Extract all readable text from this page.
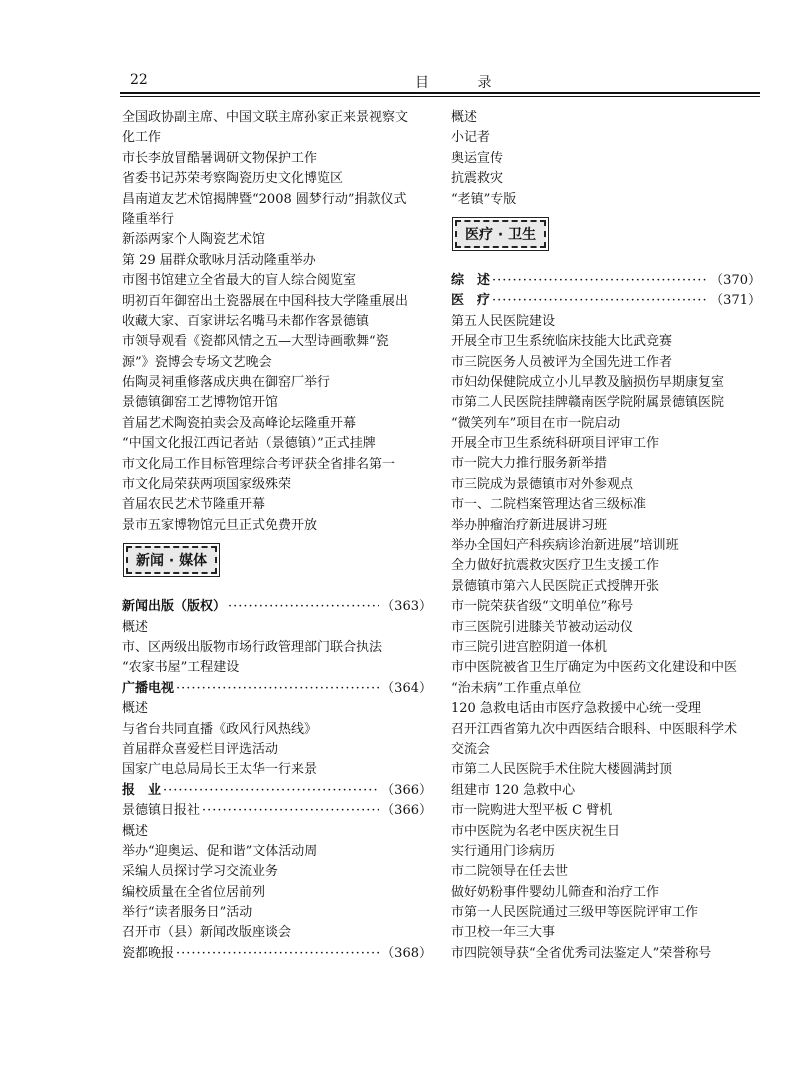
22	目 录
全国政协副主席、中国文联主席孙家正来景视察文
化工作
市长李放冒酷暑调研文物保护工作
省委书记苏荣考察陶瓷历史文化博览区
昌南道友艺术馆揭牌暨“2008 圆梦行动”捐款仪式
隆重举行
新添两家个人陶瓷艺术馆
第 29 届群众歌咏月活动隆重举办
市图书馆建立全省最大的盲人综合阅览室
明初百年御窑出土瓷器展在中国科技大学隆重展出
收藏大家、百家讲坛名嘴马未都作客景德镇
市领导观看《瓷都风情之五—大型诗画歌舞“瓷
源”》瓷博会专场文艺晚会
佑陶灵祠重修落成庆典在御窑厂举行
景德镇御窑工艺博物馆开馆
首届艺术陶瓷拍卖会及高峰论坛隆重开幕
“中国文化报江西记者站（景德镇）”正式挂牌
市文化局工作目标管理综合考评获全省排名第一
市文化局荣获两项国家级殊荣
首届农民艺术节隆重开幕
景市五家博物馆元旦正式免费开放
新闻 · 媒体
新闻出版（版权） ·····	（363）
概述
市、区两级出版物市场行政管理部门联合执法
“农家书屋”工程建设
广播电视 ·····	（364）
概述
与省台共同直播《政风行风热线》
首届群众喜爱栏目评选活动
国家广电总局局长王太华一行来景
报　业 ·····	（366）
景德镇日报社 ·····	（366）
概述
举办“迎奥运、促和谐”文体活动周
采编人员探讨学习交流业务
编校质量在全省位居前列
举行“读者服务日”活动
召开市（县）新闻改版座谈会
瓷都晚报 ·····	（368）
概述
小记者
奥运宣传
抗震救灾
“老镇”专版
医疗 · 卫生
综　述 ·····	（370）
医　疗 ·····	（371）
第五人民医院建设
开展全市卫生系统临床技能大比武竞赛
市三院医务人员被评为全国先进工作者
市妇幼保健院成立小儿早教及脑损伤早期康复室
市第二人民医院挂牌赣南医学院附属景德镇医院
“微笑列车”项目在市一院启动
开展全市卫生系统科研项目评审工作
市一院大力推行服务新举措
市三院成为景德镇市对外参观点
市一、二院档案管理达省三级标准
举办肿瘤治疗新进展讲习班
举办全国妇产科疾病诊治新进展”培训班
全力做好抗震救灾医疗卫生支援工作
景德镇市第六人民医院正式授牌开张
市一院荣获省级“文明单位”称号
市三医院引进膝关节被动运动仪
市三院引进宫腔阴道一体机
市中医院被省卫生厅确定为中医药文化建设和中医
“治未病”工作重点单位
120 急救电话由市医疗急救援中心统一受理
召开江西省第九次中西医结合眼科、中医眼科学术
交流会
市第二人民医院手术住院大楼圆满封顶
组建市 120 急救中心
市一院购进大型平板 C 臂机
市中医院为名老中医庆祝生日
实行通用门诊病历
市二院领导在任去世
做好奶粉事件婴幼儿筛查和治疗工作
市第一人民医院通过三级甲等医院评审工作
市卫校一年三大事
市四院领导获“全省优秀司法鉴定人”荣誉称号
